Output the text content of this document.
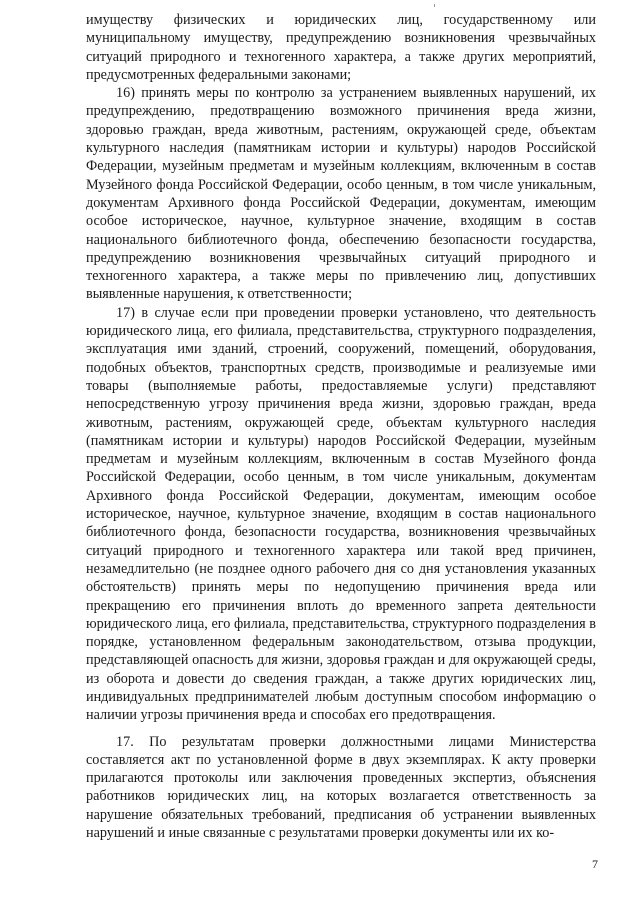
имуществу физических и юридических лиц, государственному или муниципальному имуществу, предупреждению возникновения чрезвычайных ситуаций природного и техногенного характера, а также других мероприятий, предусмотренных федеральными законами;

16) принять меры по контролю за устранением выявленных нарушений, их предупреждению, предотвращению возможного причинения вреда жизни, здоровью граждан, вреда животным, растениям, окружающей среде, объектам культурного наследия (памятникам истории и культуры) народов Российской Федерации, музейным предметам и музейным коллекциям, включенным в состав Музейного фонда Российской Федерации, особо ценным, в том числе уникальным, документам Архивного фонда Российской Федерации, документам, имеющим особое историческое, научное, культурное значение, входящим в состав национального библиотечного фонда, обеспечению безопасности государства, предупреждению возникновения чрезвычайных ситуаций природного и техногенного характера, а также меры по привлечению лиц, допустивших выявленные нарушения, к ответственности;

17) в случае если при проведении проверки установлено, что деятельность юридического лица, его филиала, представительства, структурного подразделения, эксплуатация ими зданий, строений, сооружений, помещений, оборудования, подобных объектов, транспортных средств, производимые и реализуемые ими товары (выполняемые работы, предоставляемые услуги) представляют непосредственную угрозу причинения вреда жизни, здоровью граждан, вреда животным, растениям, окружающей среде, объектам культурного наследия (памятникам истории и культуры) народов Российской Федерации, музейным предметам и музейным коллекциям, включенным в состав Музейного фонда Российской Федерации, особо ценным, в том числе уникальным, документам Архивного фонда Российской Федерации, документам, имеющим особое историческое, научное, культурное значение, входящим в состав национального библиотечного фонда, безопасности государства, возникновения чрезвычайных ситуаций природного и техногенного характера или такой вред причинен, незамедлительно (не позднее одного рабочего дня со дня установления указанных обстоятельств) принять меры по недопущению причинения вреда или прекращению его причинения вплоть до временного запрета деятельности юридического лица, его филиала, представительства, структурного подразделения в порядке, установленном федеральным законодательством, отзыва продукции, представляющей опасность для жизни, здоровья граждан и для окружающей среды, из оборота и довести до сведения граждан, а также других юридических лиц, индивидуальных предпринимателей любым доступным способом информацию о наличии угрозы причинения вреда и способах его предотвращения.

17. По результатам проверки должностными лицами Министерства составляется акт по установленной форме в двух экземплярах. К акту проверки прилагаются протоколы или заключения проведенных экспертиз, объяснения работников юридических лиц, на которых возлагается ответственность за нарушение обязательных требований, предписания об устранении выявленных нарушений и иные связанные с результатами проверки документы или их ко-

7
